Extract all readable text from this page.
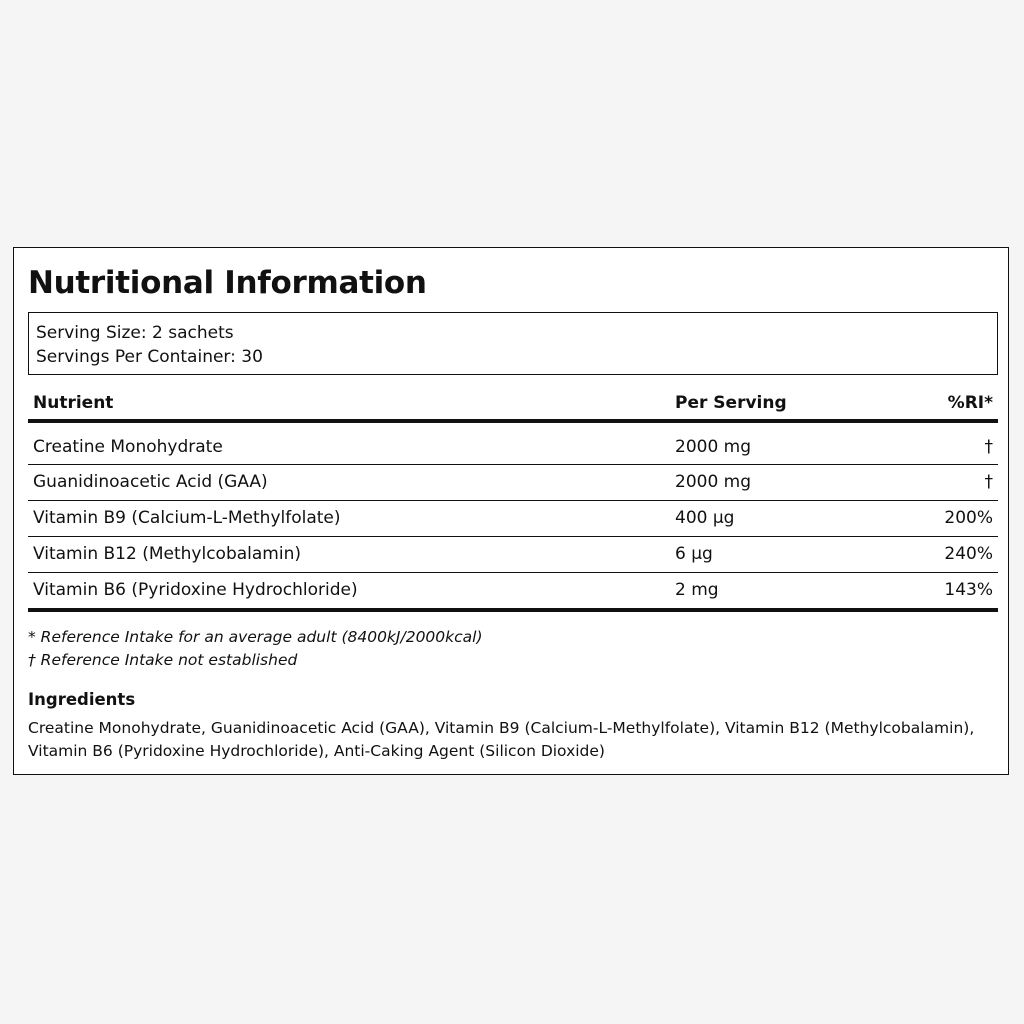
Nutritional Information
Serving Size: 2 sachets
Servings Per Container: 30
Nutrient	Per Serving	%RI*
Creatine Monohydrate	2000 mg	†
Guanidinoacetic Acid (GAA)	2000 mg	†
Vitamin B9 (Calcium-L-Methylfolate)	400 µg	200%
Vitamin B12 (Methylcobalamin)	6 µg	240%
Vitamin B6 (Pyridoxine Hydrochloride)	2 mg	143%
* Reference Intake for an average adult (8400kJ/2000kcal)
† Reference Intake not established
Ingredients
Creatine Monohydrate, Guanidinoacetic Acid (GAA), Vitamin B9 (Calcium-L-Methylfolate), Vitamin B12 (Methylcobalamin), Vitamin B6 (Pyridoxine Hydrochloride), Anti-Caking Agent (Silicon Dioxide)
